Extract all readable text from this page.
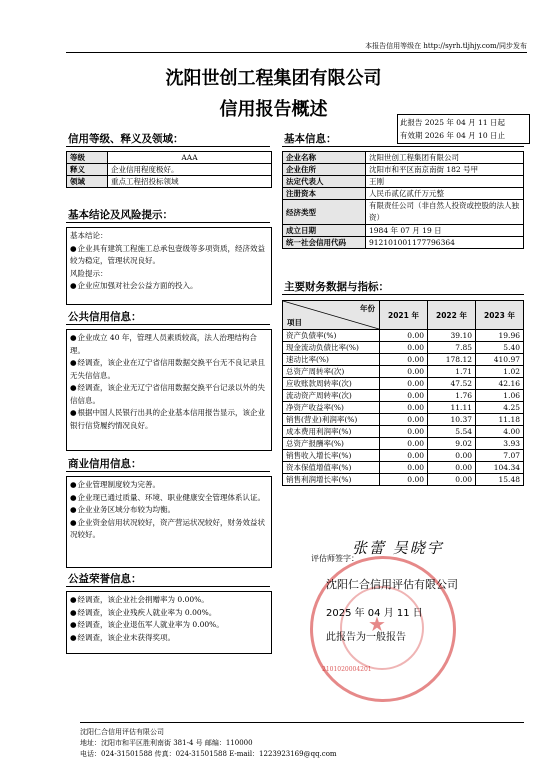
本报告信用等级在 http://syrh.tljhjy.com/同步发布
沈阳世创工程集团有限公司
信用报告概述
此报告 2025 年 04 月 11 日起
有效期 2026 年 04 月 10 日止
信用等级、释义及领域：
等级	AAA
释义	企业信用程度极好。
领域	重点工程招投标领域
基本结论及风险提示：
基本结论：
● 企业具有建筑工程施工总承包壹级等多项资质，经济效益较为稳定，管理状况良好。
风险提示：
● 企业应加强对社会公益方面的投入。
公共信用信息：
● 企业成立 40 年，管理人员素质较高，法人治理结构合理。
● 经调查，该企业在辽宁省信用数据交换平台无不良记录且无失信信息。
● 经调查，该企业无辽宁省信用数据交换平台记录以外的失信信息。
● 根据中国人民银行出具的企业基本信用报告显示，该企业银行信贷履约情况良好。
商业信用信息：
● 企业管理制度较为完善。
● 企业现已通过质量、环境、职业健康安全管理体系认证。
● 企业业务区域分布较为均衡。
● 企业资金信用状况较好，资产营运状况较好，财务效益状况较好。
公益荣誉信息：
● 经调查，该企业社会捐赠率为 0.00%。
● 经调查，该企业残疾人就业率为 0.00%。
● 经调查，该企业退伍军人就业率为 0.00%。
● 经调查，该企业未获得奖项。
基本信息：
企业名称	沈阳世创工程集团有限公司
企业住所	沈阳市和平区南京南街 182 号甲
法定代表人	王刚
注册资本	人民币贰亿贰仟万元整
经济类型	有限责任公司（非自然人投资或控股的法人独资）
成立日期	1984 年 07 月 19 日
统一社会信用代码	912101001177796364
主要财务数据与指标：
年份
项目	2021 年	2022 年	2023 年
资产负债率(%)	0.00	39.10	19.96
现金流动负债比率(%)	0.00	7.85	5.40
速动比率(%)	0.00	178.12	410.97
总资产周转率(次)	0.00	1.71	1.02
应收账款周转率(次)	0.00	47.52	42.16
流动资产周转率(次)	0.00	1.76	1.06
净资产收益率(%)	0.00	11.11	4.25
销售(营业)利润率(%)	0.00	10.37	11.18
成本费用利润率(%)	0.00	5.54	4.00
总资产报酬率(%)	0.00	9.02	3.93
销售收入增长率(%)	0.00	0.00	7.07
资本保值增值率(%)	0.00	0.00	104.34
销售利润增长率(%)	0.00	0.00	15.48
评估师签字：
张蕾 吴晓宇
★
2101020004201
沈阳仁合信用评估有限公司
2025 年 04 月 11 日
此报告为一般报告
沈阳仁合信用评估有限公司
地址：沈阳市和平区胜利南街 381-4 号 邮编：110000
电话：024-31501588 传真：024-31501588 E-mail：1223923169@qq.com
